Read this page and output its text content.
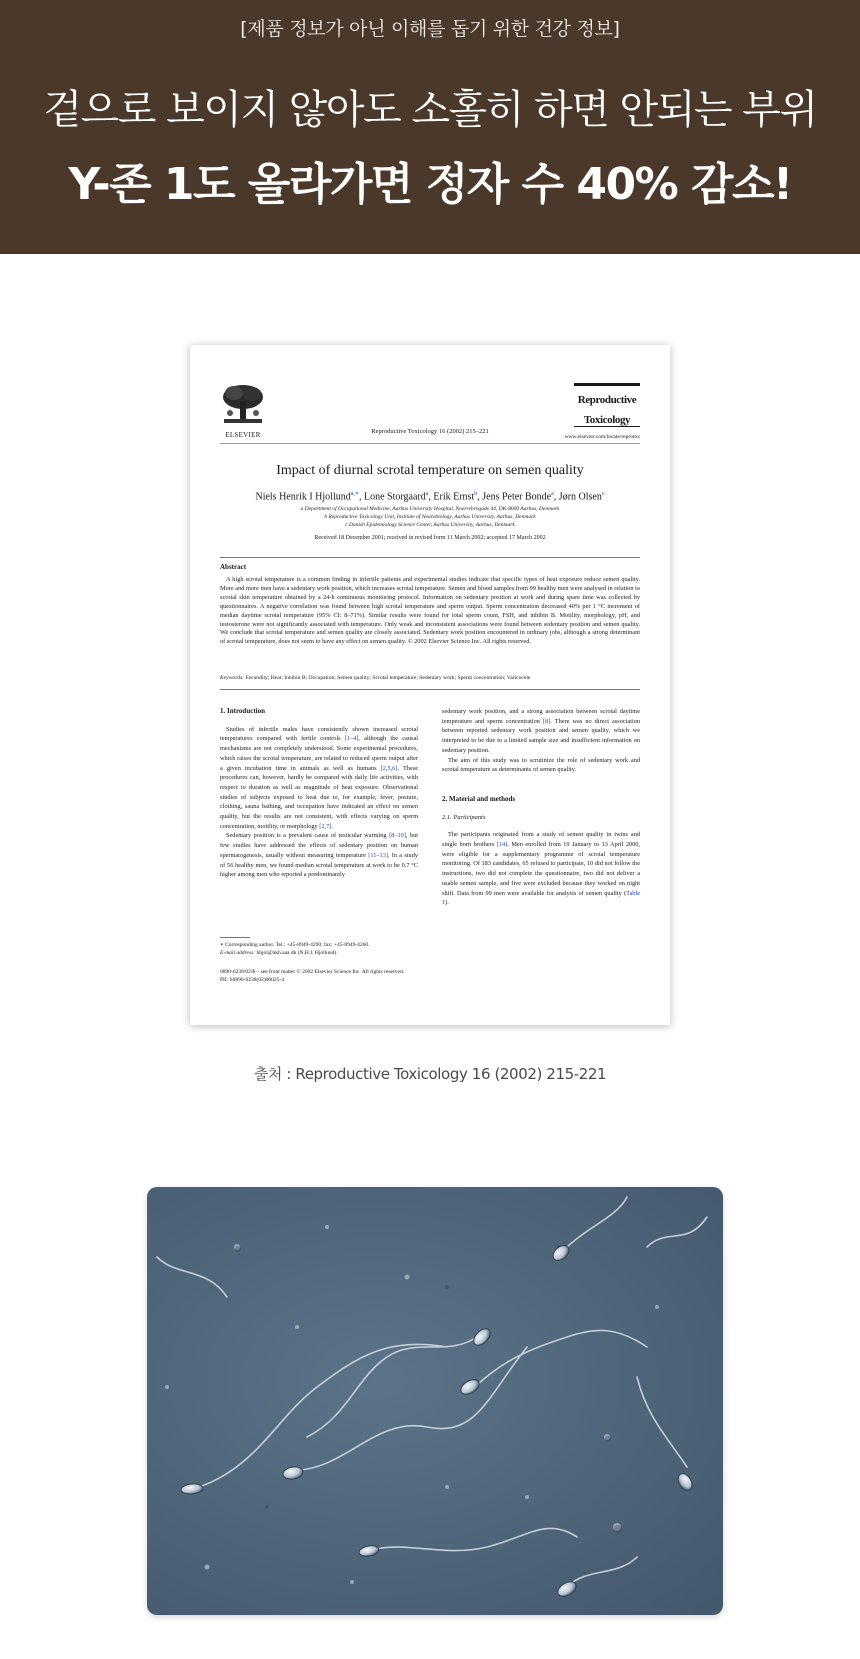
[제품 정보가 아닌 이해를 돕기 위한 건강 정보]
겉으로 보이지 않아도 소홀히 하면 안되는 부위
Y-존 1도 올라가면 정자 수 40% 감소!
ELSEVIER	Reproductive Toxicology 16 (2002) 215–221
Reproductive
Toxicology
www.elsevier.com/locate/reprotox
Impact of diurnal scrotal temperature on semen quality
Niels Henrik I Hjollund$^{a,∗}$, Lone Storgaard$^a$, Erik Ernst$^b$, Jens Peter Bonde$^a$, Jørn Olsen$^c$
a Department of Occupational Medicine, Aarhus University Hospital, Noerrebrogade 44, DK-8000 Aarhus, Denmark
b Reproductive Toxicology Unit, Institute of Neurobiology, Aarhus University, Aarhus, Denmark
c Danish Epidemiology Science Center, Aarhus University, Aarhus, Denmark
Received 18 December 2001; received in revised form 11 March 2002; accepted 17 March 2002
Abstract

A high scrotal temperature is a common finding in infertile patients and experimental studies indicate that specific types of heat exposure reduce semen quality. More and more men have a sedentary work position, which increases scrotal temperature. Semen and blood samples from 99 healthy men were analysed in relation to scrotal skin temperature obtained by a 24-h continuous monitoring protocol. Information on sedentary position at work and during spare time was collected by questionnaires. A negative correlation was found between high scrotal temperature and sperm output. Sperm concentration decreased 40% per 1 °C increment of median daytime scrotal temperature (95% CI: 8–71%). Similar results were found for total sperm count, FSH, and inhibin B. Motility, morphology, pH, and testosterone were not significantly associated with temperature. Only weak and inconsistent associations were found between sedentary position and semen quality. We conclude that scrotal temperature and semen quality are closely associated. Sedentary work position encountered in ordinary jobs, although a strong determinant of scrotal temperature, does not seem to have any effect on semen quality. © 2002 Elsevier Science Inc. All rights reserved.

Keywords: Fecundity; Heat; Inhibin B; Occupation; Semen quality; Scrotal temperature; Sedentary work; Sperm concentration; Varicocele
1. Introduction

Studies of infertile males have consistently shown increased scrotal temperatures compared with fertile controls [1–4], although the causal mechanisms are not completely understood. Some experimental procedures, which raises the scrotal temperature, are related to reduced sperm output after a given incubation time in animals as well as humans [2,5,6]. These procedures can, however, hardly be compared with daily life activities, with respect to duration as well as magnitude of heat exposure. Observational studies of subjects exposed to heat due to, for example, fever, posture, clothing, sauna bathing, and occupation have indicated an effect on semen quality, but the results are not consistent, with effects varying on sperm concentration, motility, or morphology [2,7].

Sedentary position is a prevalent cause of testicular warming [8–10], but few studies have addressed the effects of sedentary position on human spermatogenesis, usually without measuring temperature [11–13]. In a study of 56 healthy men, we found median scrotal temperature at work to be 0.7 °C higher among men who reported a predominantly

sedentary work position, and a strong association between scrotal daytime temperature and sperm concentration [8]. There was no direct association between reported sedentary work position and semen quality, which we interpreted to be due to a limited sample size and insufficient information on sedentary position.

The aim of this study was to scrutinize the role of sedentary work and scrotal temperature as determinants of semen quality.

2. Material and methods
2.1. Participants

The participants originated from a study of semen quality in twins and single born brothers [14]. Men enrolled from 19 January to 13 April 2000, were eligible for a supplementary programme of scrotal temperature monitoring. Of 183 candidates, 65 refused to participate, 10 did not follow the instructions, two did not complete the questionnaire, two did not deliver a usable semen sample, and five were excluded because they worked on night shift. Data from 99 men were available for analysis of semen quality (Table 1).

∗ Corresponding author. Tel.: +45-8949-4290; fax: +45-8949-4260.
E-mail address: hhjol@akh.aaa.dk (N.H.I. Hjollund).
0890-6238/02/$ – see front matter © 2002 Elsevier Science Inc. All rights reserved.
PII: S0890-6238(02)00025-4
출처 : Reproductive Toxicology 16 (2002) 215-221
